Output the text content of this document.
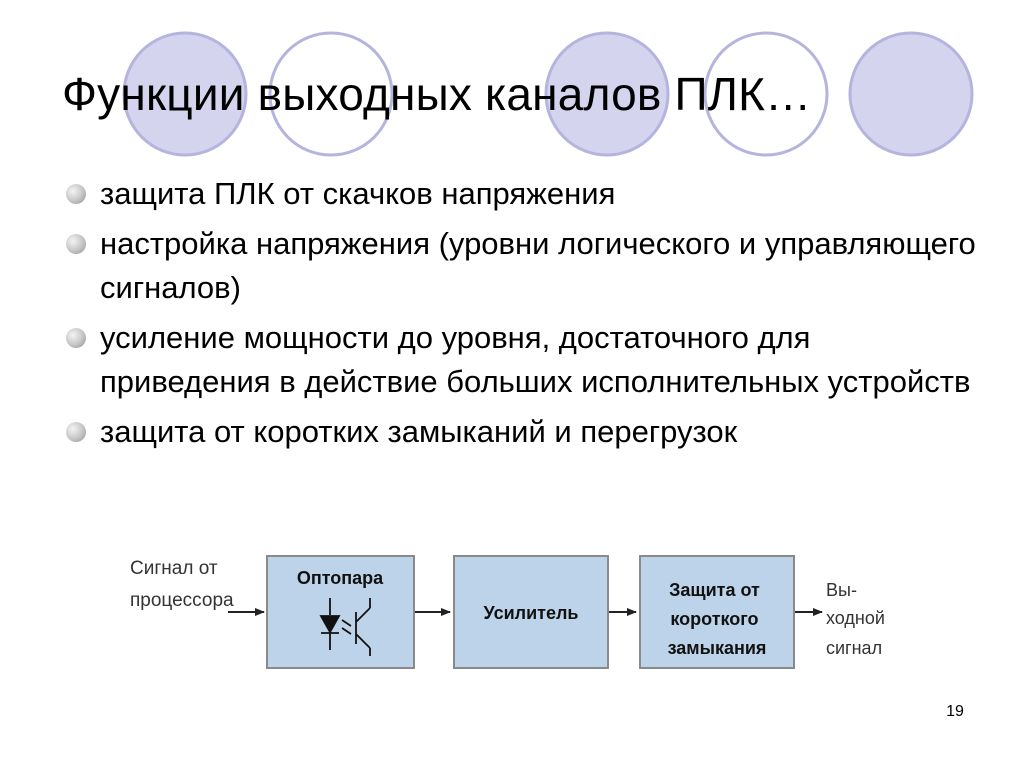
Функции выходных каналов ПЛК…
защита ПЛК от скачков напряжения
настройка напряжения (уровни логического и управляющего сигналов)
усиление мощности до уровня, достаточного для приведения в действие больших исполнительных устройств
защита от коротких замыканий и перегрузок
Сигнал от процессора
Оптопара
Усилитель
Защита от короткого замыкания
Вы- ходной сигнал
19
